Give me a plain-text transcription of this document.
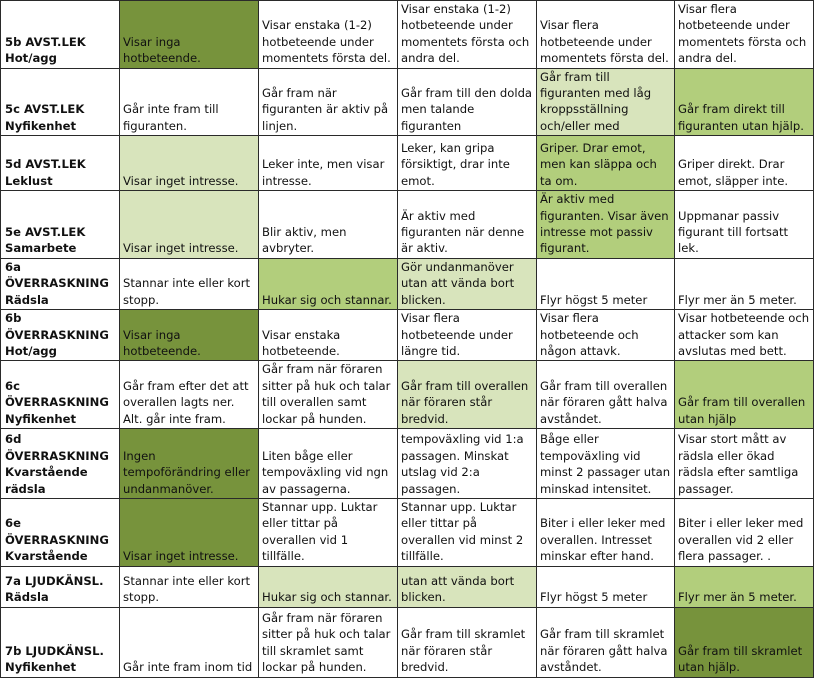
5b AVST.LEK Hot/agg	Visar inga hotbeteende.	Visar enstaka (1-2) hotbeteende under momentets första del.	Visar enstaka (1-2) hotbeteende under momentets första och andra del.	Visar flera hotbeteende under momentets första del.	Visar flera hotbeteende under momentets första och andra del.
5c AVST.LEK Nyfikenhet	Går inte fram till figuranten.	Går fram när figuranten är aktiv på linjen.	Går fram till den dolda men talande figuranten	Går fram till figuranten med låg kroppsställning och/eller med	Går fram direkt till figuranten utan hjälp.
5d AVST.LEK Leklust	Visar inget intresse.	Leker inte, men visar intresse.	Leker, kan gripa försiktigt, drar inte emot.	Griper. Drar emot, men kan släppa och ta om.	Griper direkt. Drar emot, släpper inte.
5e AVST.LEK Samarbete	Visar inget intresse.	Blir aktiv, men avbryter.	Är aktiv med figuranten när denne är aktiv.	Är aktiv med figuranten. Visar även intresse mot passiv figurant.	Uppmanar passiv figurant till fortsatt lek.
6a ÖVERRASKNING Rädsla	Stannar inte eller kort stopp.	Hukar sig och stannar.	Gör undanmanöver utan att vända bort blicken.	Flyr högst 5 meter	Flyr mer än 5 meter.
6b ÖVERRASKNING Hot/agg	Visar inga hotbeteende.	Visar enstaka hotbeteende.	Visar flera hotbeteende under längre tid.	Visar flera hotbeteende och någon attavk.	Visar hotbeteende och attacker som kan avslutas med bett.
6c ÖVERRASKNING Nyfikenhet	Går fram efter det att overallen lagts ner. Alt. går inte fram.	Går fram när föraren sitter på huk och talar till overallen samt lockar på hunden.	Går fram till overallen när föraren står bredvid.	Går fram till overallen när föraren gått halva avståndet.	Går fram till overallen utan hjälp
6d ÖVERRASKNING Kvarstående rädsla	Ingen tempoförändring eller undanmanöver.	Liten båge eller tempoväxling vid ngn av passagerna.	tempoväxling vid 1:a passagen. Minskat utslag vid 2:a passagen.	Båge eller tempoväxling vid minst 2 passager utan minskad intensitet.	Visar stort mått av rädsla eller ökad rädsla efter samtliga passager.
6e ÖVERRASKNING Kvarstående	Visar inget intresse.	Stannar upp. Luktar eller tittar på overallen vid 1 tillfälle.	Stannar upp. Luktar eller tittar på overallen vid minst 2 tillfälle.	Biter i eller leker med overallen. Intresset minskar efter hand.	Biter i eller leker med overallen vid 2 eller flera passager. .
7a LJUDKÄNSL. Rädsla	Stannar inte eller kort stopp.	Hukar sig och stannar.	utan att vända bort blicken.	Flyr högst 5 meter	Flyr mer än 5 meter.
7b LJUDKÄNSL. Nyfikenhet	Går inte fram inom tid	Går fram när föraren sitter på huk och talar till skramlet samt lockar på hunden.	Går fram till skramlet när föraren står bredvid.	Går fram till skramlet när föraren gått halva avståndet.	Går fram till skramlet utan hjälp.
